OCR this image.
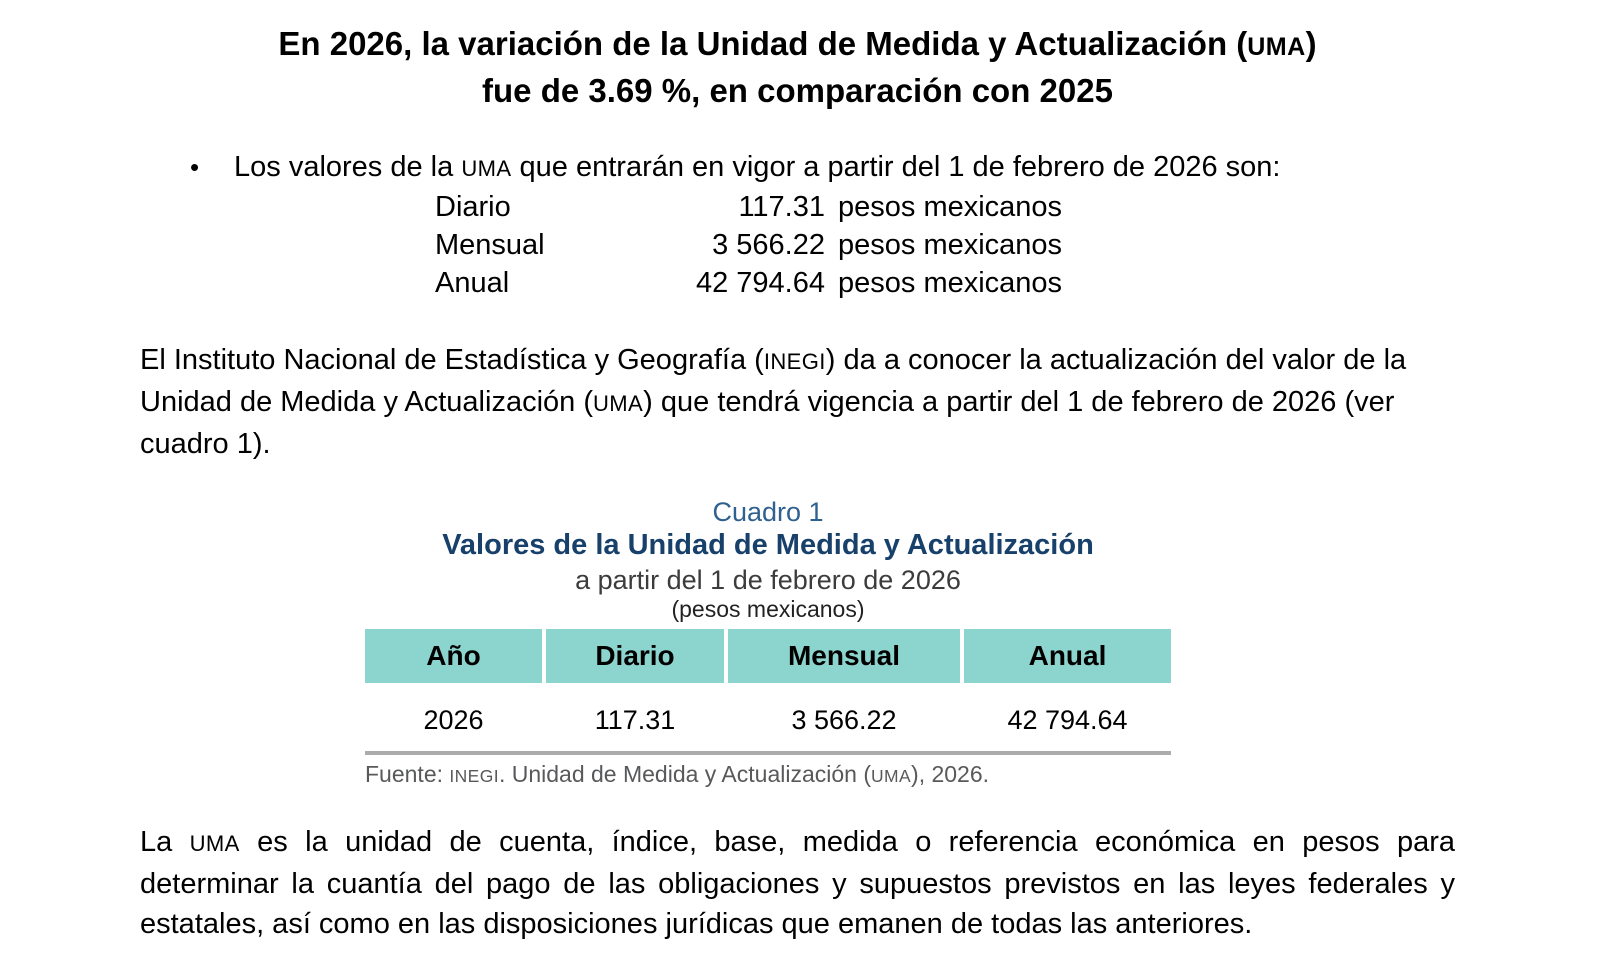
En 2026, la variación de la Unidad de Medida y Actualización (UMA)
fue de 3.69 %, en comparación con 2025
•	Los valores de la UMA que entrarán en vigor a partir del 1 de febrero de 2026 son:
Diario	117.31 pesos mexicanos
Mensual	3 566.22 pesos mexicanos
Anual	42 794.64 pesos mexicanos

El Instituto Nacional de Estadística y Geografía (INEGI) da a conocer la actualización del valor de la Unidad de Medida y Actualización (UMA) que tendrá vigencia a partir del 1 de febrero de 2026 (ver cuadro 1).

Cuadro 1
Valores de la Unidad de Medida y Actualización
a partir del 1 de febrero de 2026
(pesos mexicanos)
Año	Diario	Mensual	Anual
2026	117.31	3 566.22	42 794.64
Fuente: INEGI. Unidad de Medida y Actualización (UMA), 2026.

La UMA es la unidad de cuenta, índice, base, medida o referencia económica en pesos para determinar la cuantía del pago de las obligaciones y supuestos previstos en las leyes federales y estatales, así como en las disposiciones jurídicas que emanen de todas las anteriores.
